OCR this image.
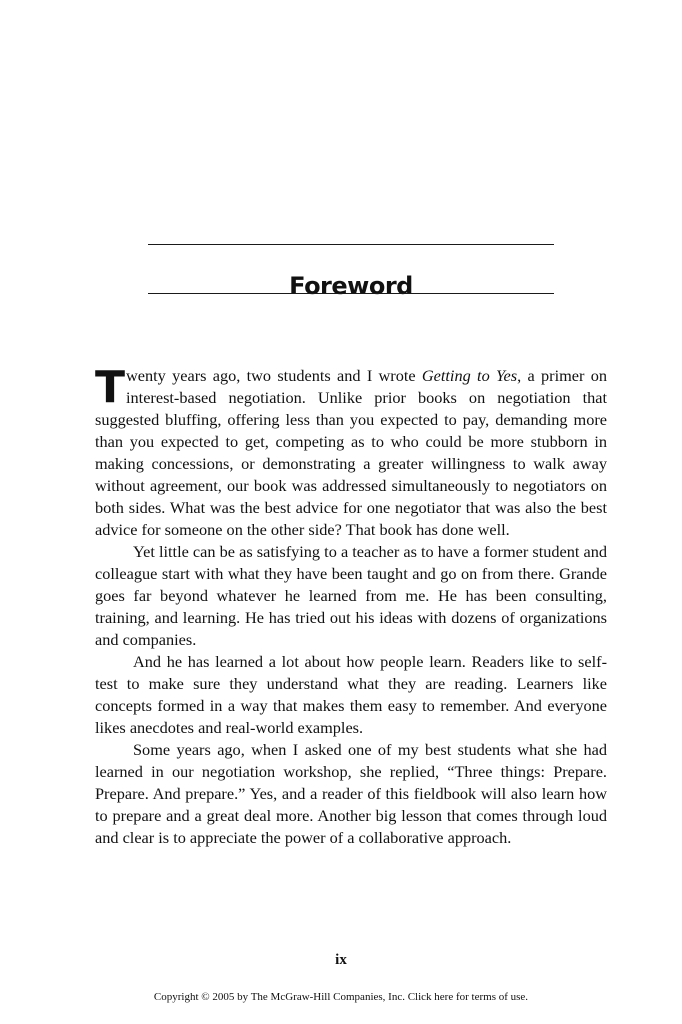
Foreword

Twenty years ago, two students and I wrote Getting to Yes, a primer on interest-based negotiation. Unlike prior books on negotiation that suggested bluffing, offering less than you expected to pay, demanding more than you expected to get, competing as to who could be more stubborn in making concessions, or demonstrating a greater willingness to walk away without agreement, our book was addressed simultaneously to negotiators on both sides. What was the best advice for one negotiator that was also the best advice for someone on the other side? That book has done well.

Yet little can be as satisfying to a teacher as to have a former student and colleague start with what they have been taught and go on from there. Grande goes far beyond whatever he learned from me. He has been consulting, training, and learning. He has tried out his ideas with dozens of organizations and companies.

And he has learned a lot about how people learn. Readers like to self-test to make sure they understand what they are reading. Learners like concepts formed in a way that makes them easy to remember. And everyone likes anecdotes and real-world examples.

Some years ago, when I asked one of my best students what she had learned in our negotiation workshop, she replied, “Three things: Prepare. Prepare. And prepare.” Yes, and a reader of this fieldbook will also learn how to prepare and a great deal more. Another big lesson that comes through loud and clear is to appreciate the power of a collaborative approach.

ix
Copyright © 2005 by The McGraw-Hill Companies, Inc. Click here for terms of use.
